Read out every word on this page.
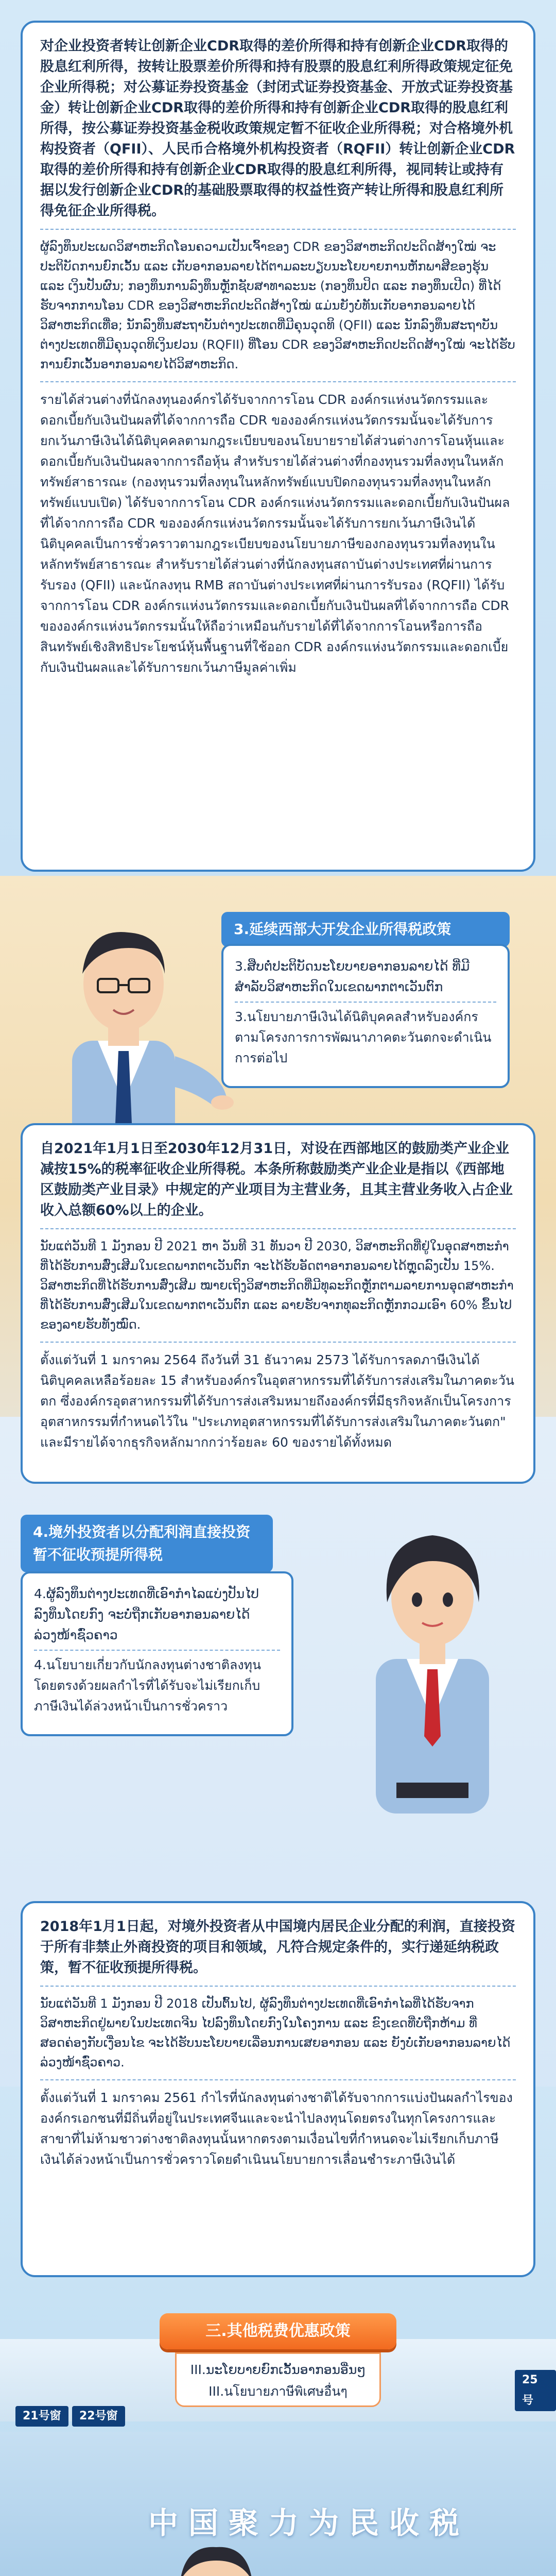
对企业投资者转让创新企业CDR取得的差价所得和持有创新企业CDR取得的股息红利所得，按转让股票差价所得和持有股票的股息红利所得政策规定征免企业所得税；对公募证券投资基金（封闭式证券投资基金、开放式证券投资基金）转让创新企业CDR取得的差价所得和持有创新企业CDR取得的股息红利所得，按公募证券投资基金税收政策规定暂不征收企业所得税；对合格境外机构投资者（QFII）、人民币合格境外机构投资者（RQFII）转让创新企业CDR取得的差价所得和持有创新企业CDR取得的股息红利所得，视同转让或持有据以发行创新企业CDR的基础股票取得的权益性资产转让所得和股息红利所得免征企业所得税。

ຜູ້ລົງທຶນປະເພດວິສາຫະກິດໂອນຄວາມເປັນເຈົ້າຂອງ CDR ຂອງວິສາຫະກິດປະດິດສ້າງໃໝ່ ຈະປະຕິບັດການຍົກເວັ້ນ ແລະ ເກັບອາກອນລາຍໄດ້ຕາມລະບຽບນະໂຍບາຍການຫັກພາສີຂອງຮຸ້ນ ແລະ ເງິນປັນຜົນ; ກອງທຶນການລົງທຶນຫຼັກຊັບສາທາລະນະ (ກອງທຶນປິດ ແລະ ກອງທຶນເປີດ) ທີ່ໄດ້ຮັບຈາກການໂອນ CDR ຂອງວິສາຫະກິດປະດິດສ້າງໃໝ່ ແມ່ນຍັງບໍ່ທັນເກັບອາກອນລາຍໄດ້ວິສາຫະກິດເທື່ອ; ນັກລົງທຶນສະຖາບັນຕ່າງປະເທດທີ່ມີຄຸນວຸດທິ (QFII) ແລະ ນັກລົງທຶນສະຖາບັນຕ່າງປະເທດທີ່ມີຄຸນວຸດທິເງິນຢວນ (RQFII) ທີ່ໂອນ CDR ຂອງວິສາຫະກິດປະດິດສ້າງໃໝ່ ຈະໄດ້ຮັບການຍົກເວັ້ນອາກອນລາຍໄດ້ວິສາຫະກິດ.

รายได้ส่วนต่างที่นักลงทุนองค์กรได้รับจากการโอน CDR องค์กรแห่งนวัตกรรมและดอกเบี้ยกับเงินปันผลที่ได้จากการถือ CDR ขององค์กรแห่งนวัตกรรมนั้นจะได้รับการยกเว้นภาษีเงินได้นิติบุคคลตามกฎระเบียบของนโยบายรายได้ส่วนต่างการโอนหุ้นและดอกเบี้ยกับเงินปันผลจากการถือหุ้น สำหรับรายได้ส่วนต่างที่กองทุนรวมที่ลงทุนในหลักทรัพย์สาธารณะ (กองทุนรวมที่ลงทุนในหลักทรัพย์แบบปิดกองทุนรวมที่ลงทุนในหลักทรัพย์แบบเปิด) ได้รับจากการโอน CDR องค์กรแห่งนวัตกรรมและดอกเบี้ยกับเงินปันผลที่ได้จากการถือ CDR ขององค์กรแห่งนวัตกรรมนั้นจะได้รับการยกเว้นภาษีเงินได้นิติบุคคลเป็นการชั่วคราวตามกฎระเบียบของนโยบายภาษีของกองทุนรวมที่ลงทุนในหลักทรัพย์สาธารณะ สำหรับรายได้ส่วนต่างที่นักลงทุนสถาบันต่างประเทศที่ผ่านการรับรอง (QFII) และนักลงทุน RMB สถาบันต่างประเทศที่ผ่านการรับรอง (RQFII) ได้รับจากการโอน CDR องค์กรแห่งนวัตกรรมและดอกเบี้ยกับเงินปันผลที่ได้จากการถือ CDR ขององค์กรแห่งนวัตกรรมนั้นให้ถือว่าเหมือนกับรายได้ที่ได้จากการโอนหรือการถือสินทรัพย์เชิงสิทธิประโยชน์หุ้นพื้นฐานที่ใช้ออก CDR องค์กรแห่งนวัตกรรมและดอกเบี้ยกับเงินปันผลและได้รับการยกเว้นภาษีมูลค่าเพิ่ม

3.延续西部大开发企业所得税政策

3.ສືບຕໍ່ປະຕິບັດນະໂຍບາຍອາກອນລາຍໄດ້ ທີ່ມີສຳລັບວິສາຫະກິດໃນເຂດພາກຕາເວັນຕົກ

3.นโยบายภาษีเงินได้นิติบุคคลสำหรับองค์กรตามโครงการการพัฒนาภาคตะวันตกจะดำเนินการต่อไป

自2021年1月1日至2030年12月31日，对设在西部地区的鼓励类产业企业减按15%的税率征收企业所得税。本条所称鼓励类产业企业是指以《西部地区鼓励类产业目录》中规定的产业项目为主营业务，且其主营业务收入占企业收入总额60%以上的企业。

ນັບແຕ່ວັນທີ 1 ມັງກອນ ປີ 2021 ຫາ ວັນທີ 31 ທັນວາ ປີ 2030, ວິສາຫະກິດທີ່ຢູ່ໃນອຸດສາຫະກຳທີ່ໄດ້ຮັບການສົ່ງເສີມໃນເຂດພາກຕາເວັນຕົກ ຈະໄດ້ຮັບອັດຕາອາກອນລາຍໄດ້ຫຼຸດລົງເປັນ 15%. ວິສາຫະກິດທີ່ໄດ້ຮັບການສົ່ງເສີມ ໝາຍເຖິງວິສາຫະກິດທີ່ມີທຸລະກິດຫຼັກຕາມລາຍການອຸດສາຫະກຳທີ່ໄດ້ຮັບການສົ່ງເສີມໃນເຂດພາກຕາເວັນຕົກ ແລະ ລາຍຮັບຈາກທຸລະກິດຫຼັກກວມເອົາ 60% ຂຶ້ນໄປຂອງລາຍຮັບທັງໝົດ.

ตั้งแต่วันที่ 1 มกราคม 2564 ถึงวันที่ 31 ธันวาคม 2573 ได้รับการลดภาษีเงินได้นิติบุคคลเหลือร้อยละ 15 สำหรับองค์กรในอุตสาหกรรมที่ได้รับการส่งเสริมในภาคตะวันตก ซึ่งองค์กรอุตสาหกรรมที่ได้รับการส่งเสริมหมายถึงองค์กรที่มีธุรกิจหลักเป็นโครงการอุตสาหกรรมที่กำหนดไว้ใน "ประเภทอุตสาหกรรมที่ได้รับการส่งเสริมในภาคตะวันตก" และมีรายได้จากธุรกิจหลักมากกว่าร้อยละ 60 ของรายได้ทั้งหมด

4.境外投资者以分配利润直接投资暂不征收预提所得税

4.ຜູ້ລົງທຶນຕ່າງປະເທດທີ່ເອົາກຳໄລແບ່ງປັນໄປລົງທຶນໂດຍກົງ ຈະບໍ່ຖືກເກັບອາກອນລາຍໄດ້ລ່ວງໜ້າຊົ່ວຄາວ

4.นโยบายเกี่ยวกับนักลงทุนต่างชาติลงทุนโดยตรงด้วยผลกำไรที่ได้รับจะไม่เรียกเก็บภาษีเงินได้ล่วงหน้าเป็นการชั่วคราว

2018年1月1日起，对境外投资者从中国境内居民企业分配的利润，直接投资于所有非禁止外商投资的项目和领域，凡符合规定条件的，实行递延纳税政策，暂不征收预提所得税。

ນັບແຕ່ວັນທີ 1 ມັງກອນ ປີ 2018 ເປັນຕົ້ນໄປ, ຜູ້ລົງທຶນຕ່າງປະເທດທີ່ເອົາກຳໄລທີ່ໄດ້ຮັບຈາກວິສາຫະກິດຢູ່ພາຍໃນປະເທດຈີນ ໄປລົງທຶນໂດຍກົງໃນໂຄງການ ແລະ ຂົງເຂດທີ່ບໍ່ຖືກຫ້າມ ທີ່ສອດຄ່ອງກັບເງື່ອນໄຂ ຈະໄດ້ຮັບນະໂຍບາຍເລື່ອນການເສຍອາກອນ ແລະ ຍັງບໍ່ເກັບອາກອນລາຍໄດ້ລ່ວງໜ້າຊົ່ວຄາວ.

ตั้งแต่วันที่ 1 มกราคม 2561 กำไรที่นักลงทุนต่างชาติได้รับจากการแบ่งปันผลกำไรขององค์กรเอกชนที่มีถิ่นที่อยู่ในประเทศจีนและจะนำไปลงทุนโดยตรงในทุกโครงการและสาขาที่ไม่ห้ามชาวต่างชาติลงทุนนั้นหากตรงตามเงื่อนไขที่กำหนดจะไม่เรียกเก็บภาษีเงินได้ล่วงหน้าเป็นการชั่วคราวโดยดำเนินนโยบายการเลื่อนชำระภาษีเงินได้

21号窗	22号窗
25号
中国聚力为民收税
三.其他税费优惠政策

III.ນະໂຍບາຍຍົກເວັ້ນອາກອນອື່ນໆ

III.นโยบายภาษีพิเศษอื่นๆ
